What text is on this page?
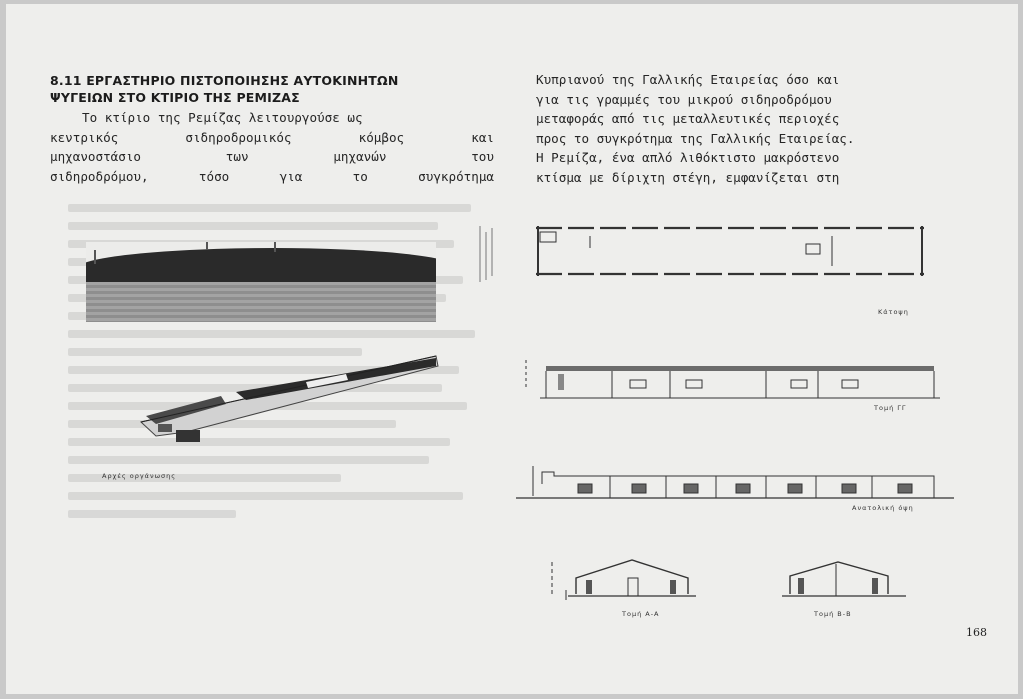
8.11 ΕΡΓΑΣΤΗΡΙΟ ΠΙΣΤΟΠΟΙΗΣΗΣ ΑΥΤΟΚΙΝΗΤΩΝ
ΨΥΓΕΙΩΝ ΣΤΟ ΚΤΙΡΙΟ ΤΗΣ ΡΕΜΙΖΑΣ

Το κτίριο της Ρεμίζας λειτουργούσε ως

κεντρικός	σιδηροδρομικός	κόμβος	και

μηχανοστάσιο	των	μηχανών	του

σιδηροδρόμου,	τόσο	για	το	συγκρότημα

Κυπριανού της Γαλλικής Εταιρείας όσο και

για τις γραμμές του μικρού σιδηροδρόμου

μεταφοράς από τις μεταλλευτικές περιοχές

προς το συγκρότημα της Γαλλικής Εταιρείας.

Η Ρεμίζα, ένα απλό λιθόκτιστο μακρόστενο

κτίσμα με δίριχτη στέγη, εμφανίζεται στη

Αρχές οργάνωσης
Κάτοψη
Τομή ΓΓ
Ανατολική όψη
Τομή Α-Α	Τομή Β-Β
168
